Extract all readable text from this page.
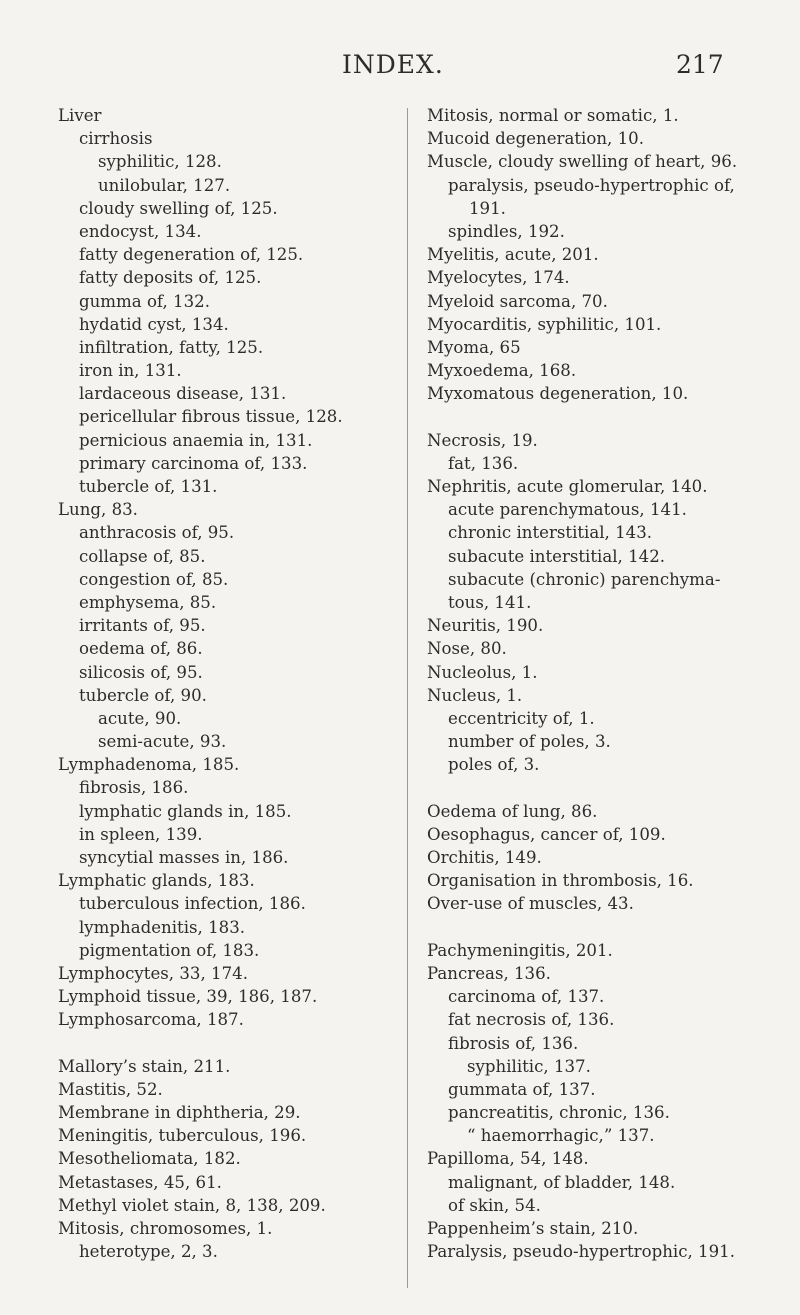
INDEX.	217
Liver
cirrhosis
syphilitic, 128.
unilobular, 127.
cloudy swelling of, 125.
endocyst, 134.
fatty degeneration of, 125.
fatty deposits of, 125.
gumma of, 132.
hydatid cyst, 134.
infiltration, fatty, 125.
iron in, 131.
lardaceous disease, 131.
pericellular fibrous tissue, 128.
pernicious anaemia in, 131.
primary carcinoma of, 133.
tubercle of, 131.
Lung, 83.
anthracosis of, 95.
collapse of, 85.
congestion of, 85.
emphysema, 85.
irritants of, 95.
oedema of, 86.
silicosis of, 95.
tubercle of, 90.
acute, 90.
semi-acute, 93.
Lymphadenoma, 185.
fibrosis, 186.
lymphatic glands in, 185.
in spleen, 139.
syncytial masses in, 186.
Lymphatic glands, 183.
tuberculous infection, 186.
lymphadenitis, 183.
pigmentation of, 183.
Lymphocytes, 33, 174.
Lymphoid tissue, 39, 186, 187.
Lymphosarcoma, 187.
Mallory’s stain, 211.
Mastitis, 52.
Membrane in diphtheria, 29.
Meningitis, tuberculous, 196.
Mesotheliomata, 182.
Metastases, 45, 61.
Methyl violet stain, 8, 138, 209.
Mitosis, chromosomes, 1.
heterotype, 2, 3.
Mitosis, normal or somatic, 1.
Mucoid degeneration, 10.
Muscle, cloudy swelling of heart, 96.
paralysis, pseudo-hypertrophic of,
191.
spindles, 192.
Myelitis, acute, 201.
Myelocytes, 174.
Myeloid sarcoma, 70.
Myocarditis, syphilitic, 101.
Myoma, 65
Myxoedema, 168.
Myxomatous degeneration, 10.
Necrosis, 19.
fat, 136.
Nephritis, acute glomerular, 140.
acute parenchymatous, 141.
chronic interstitial, 143.
subacute interstitial, 142.
subacute (chronic) parenchyma-
tous, 141.
Neuritis, 190.
Nose, 80.
Nucleolus, 1.
Nucleus, 1.
eccentricity of, 1.
number of poles, 3.
poles of, 3.
Oedema of lung, 86.
Oesophagus, cancer of, 109.
Orchitis, 149.
Organisation in thrombosis, 16.
Over-use of muscles, 43.
Pachymeningitis, 201.
Pancreas, 136.
carcinoma of, 137.
fat necrosis of, 136.
fibrosis of, 136.
syphilitic, 137.
gummata of, 137.
pancreatitis, chronic, 136.
“ haemorrhagic,” 137.
Papilloma, 54, 148.
malignant, of bladder, 148.
of skin, 54.
Pappenheim’s stain, 210.
Paralysis, pseudo-hypertrophic, 191.
